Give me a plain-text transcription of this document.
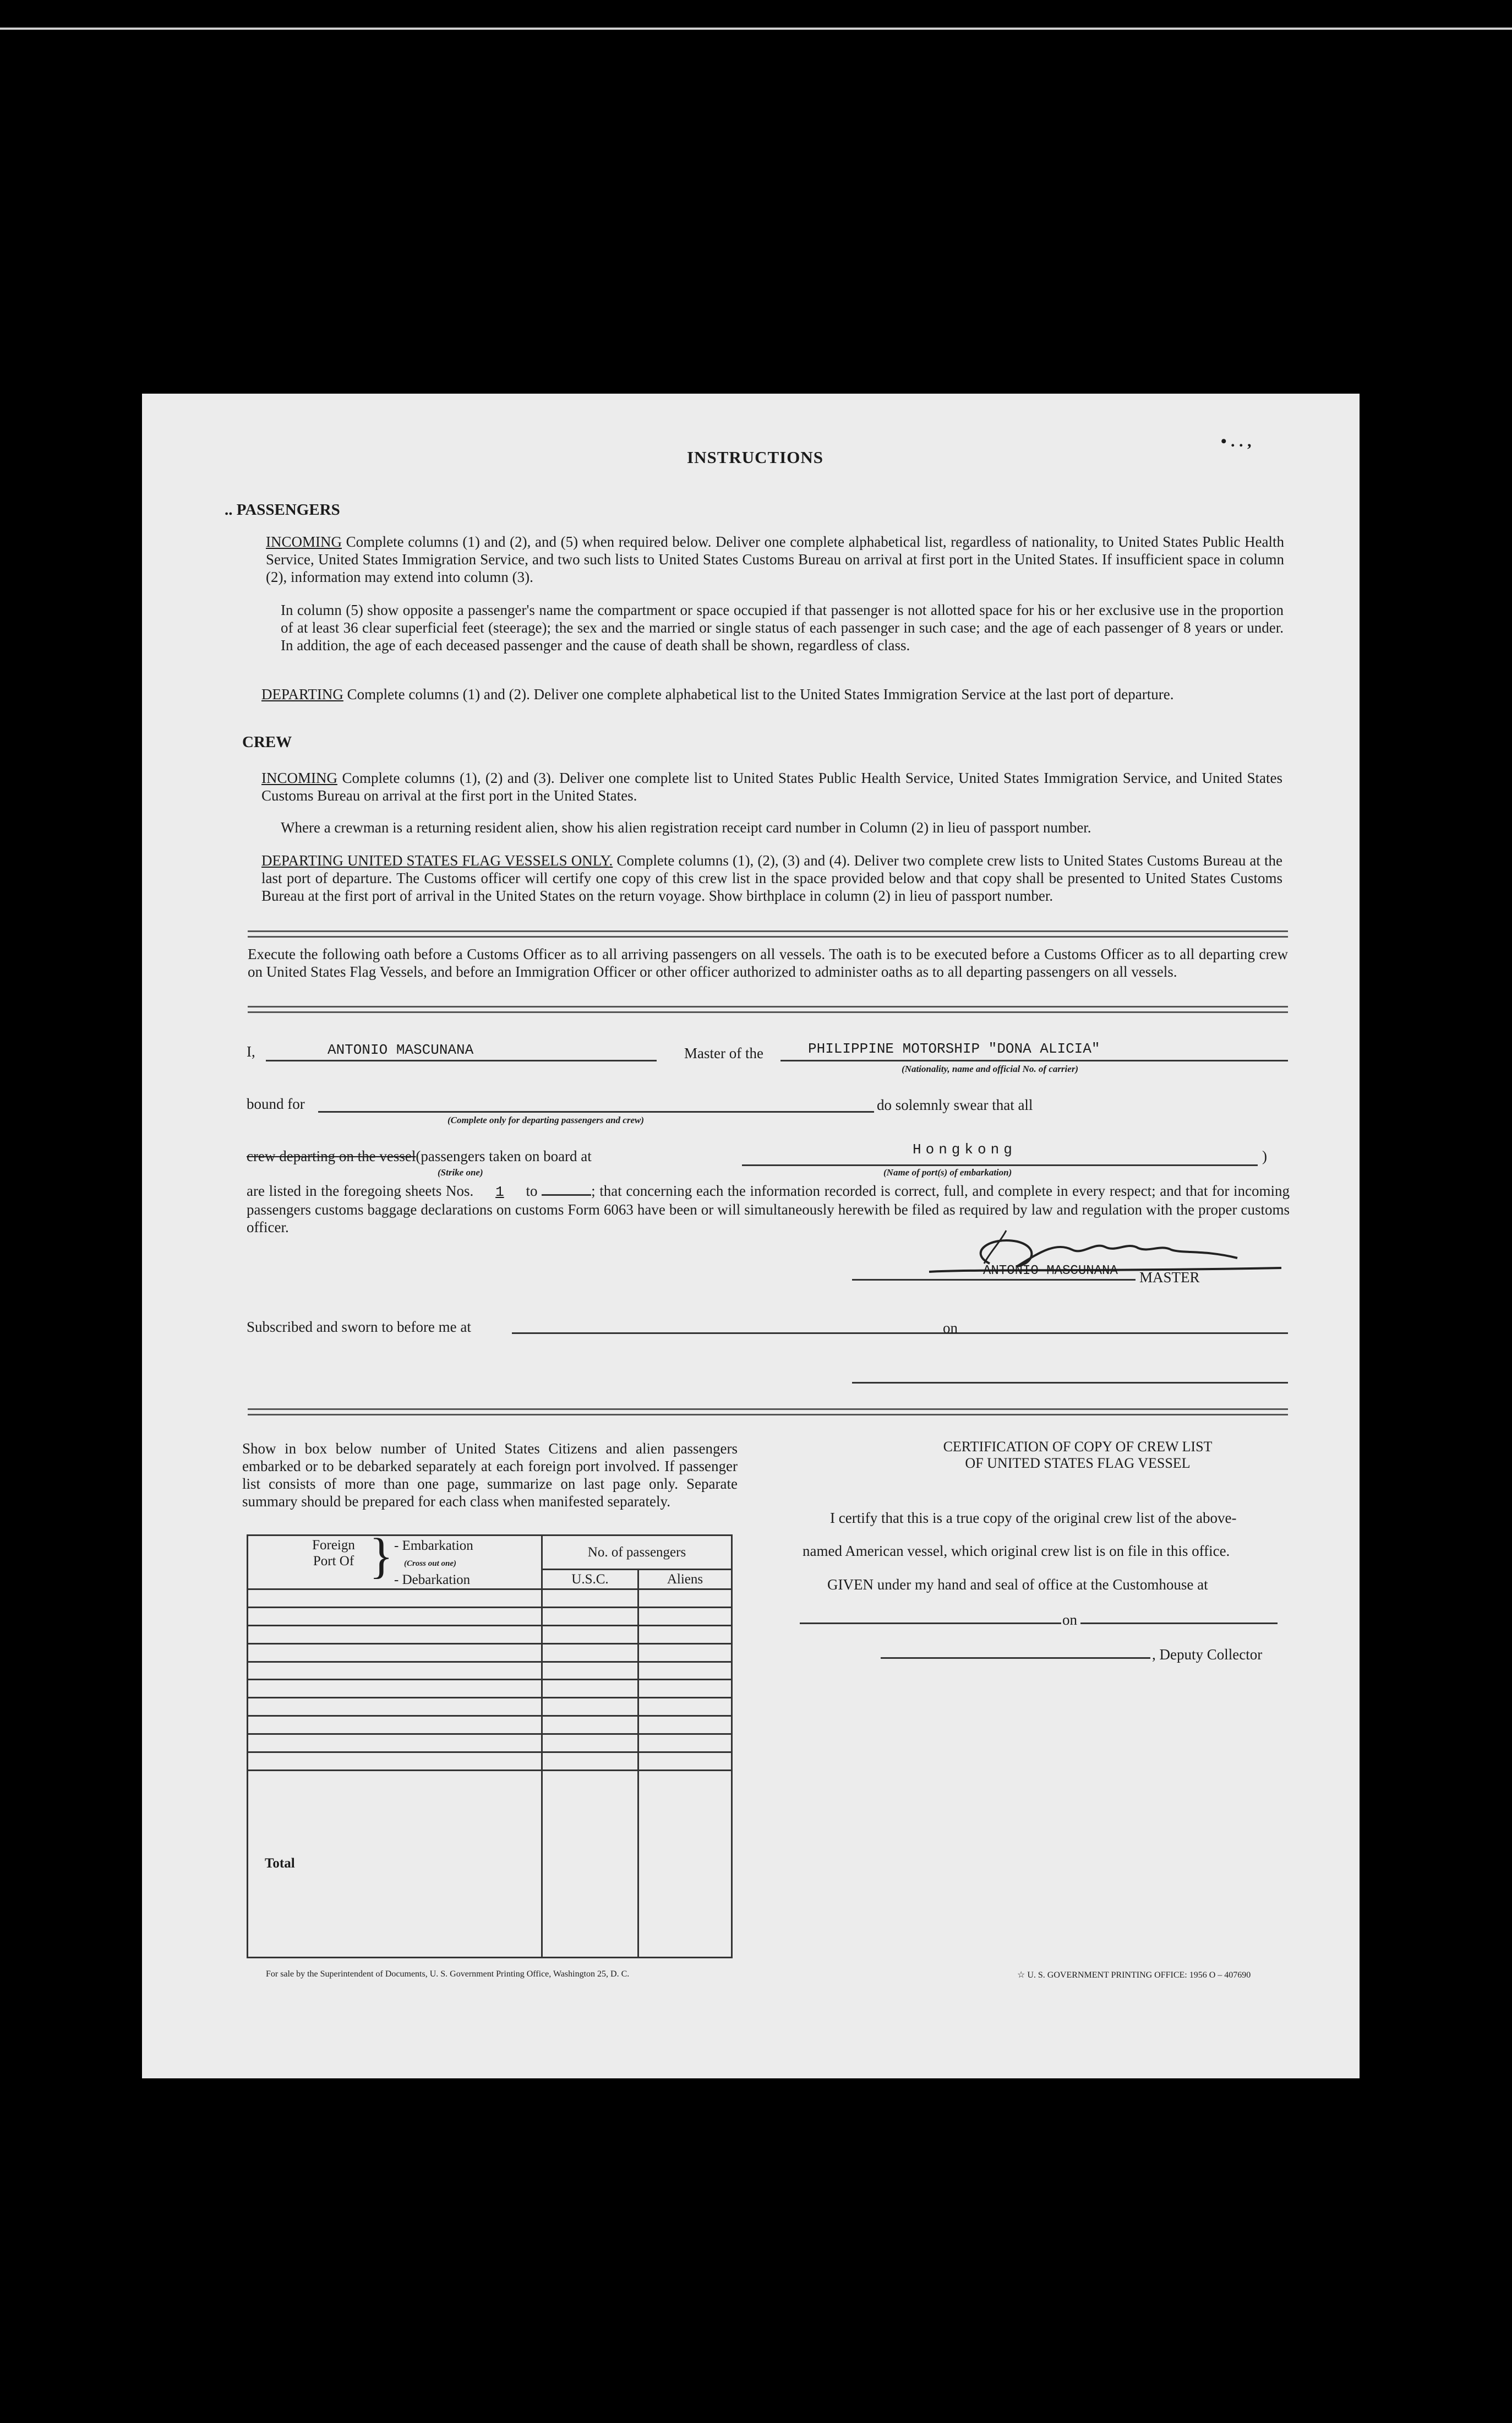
INSTRUCTIONS
• . . ,
.. PASSENGERS
INCOMING Complete columns (1) and (2), and (5) when required below. Deliver one complete alphabetical list, regardless of nationality, to United States Public Health Service, United States Immigration Service, and two such lists to United States Customs Bureau on arrival at first port in the United States. If insufficient space in column (2), information may extend into column (3).
In column (5) show opposite a passenger's name the compartment or space occupied if that passenger is not allotted space for his or her exclusive use in the proportion of at least 36 clear superficial feet (steerage); the sex and the married or single status of each passenger in such case; and the age of each passenger of 8 years or under. In addition, the age of each deceased passenger and the cause of death shall be shown, regardless of class.
DEPARTING Complete columns (1) and (2). Deliver one complete alphabetical list to the United States Immigration Service at the last port of departure.
CREW
INCOMING Complete columns (1), (2) and (3). Deliver one complete list to United States Public Health Service, United States Immigration Service, and United States Customs Bureau on arrival at the first port in the United States.
Where a crewman is a returning resident alien, show his alien registration receipt card number in Column (2) in lieu of passport number.
DEPARTING UNITED STATES FLAG VESSELS ONLY. Complete columns (1), (2), (3) and (4). Deliver two complete crew lists to United States Customs Bureau at the last port of departure. The Customs officer will certify one copy of this crew list in the space provided below and that copy shall be presented to United States Customs Bureau at the first port of arrival in the United States on the return voyage. Show birthplace in column (2) in lieu of passport number.
Execute the following oath before a Customs Officer as to all arriving passengers on all vessels. The oath is to be executed before a Customs Officer as to all departing crew on United States Flag Vessels, and before an Immigration Officer or other officer authorized to administer oaths as to all departing passengers on all vessels.
I,	ANTONIO MASCUNANA	Master of the	PHILIPPINE MOTORSHIP "DONA ALICIA"
(Nationality, name and official No. of carrier)
bound for
(Complete only for departing passengers and crew)
do solemnly swear that all
crew departing on the vessel(passengers taken on board at
(Strike one)
Hongkong
(Name of port(s) of embarkation)
)
are listed in the foregoing sheets Nos. 1 to	; that concerning each the information recorded is correct, full, and complete in every respect; and that for incoming passengers customs baggage declarations on customs Form 6063 have been or will simultaneously herewith be filed as required by law and regulation with the proper customs officer.
ANTONIO MASCUNANA MASTER
Subscribed and sworn to before me at	on
Show in box below number of United States Citizens and alien passengers embarked or to be debarked separately at each foreign port involved. If passenger list consists of more than one page, summarize on last page only. Separate summary should be prepared for each class when manifested separately.
Foreign Port Of } - Embarkation
(Cross out one)
- Debarkation	No. of passengers	
	U.S.C.	Aliens

Total		
CERTIFICATION OF COPY OF CREW LIST
OF UNITED STATES FLAG VESSEL
I certify that this is a true copy of the original crew list of the above-
named American vessel, which original crew list is on file in this office.
GIVEN under my hand and seal of office at the Customhouse at
on
, Deputy Collector
For sale by the Superintendent of Documents, U. S. Government Printing Office, Washington 25, D. C.	☆ U. S. GOVERNMENT PRINTING OFFICE: 1956 O – 407690
